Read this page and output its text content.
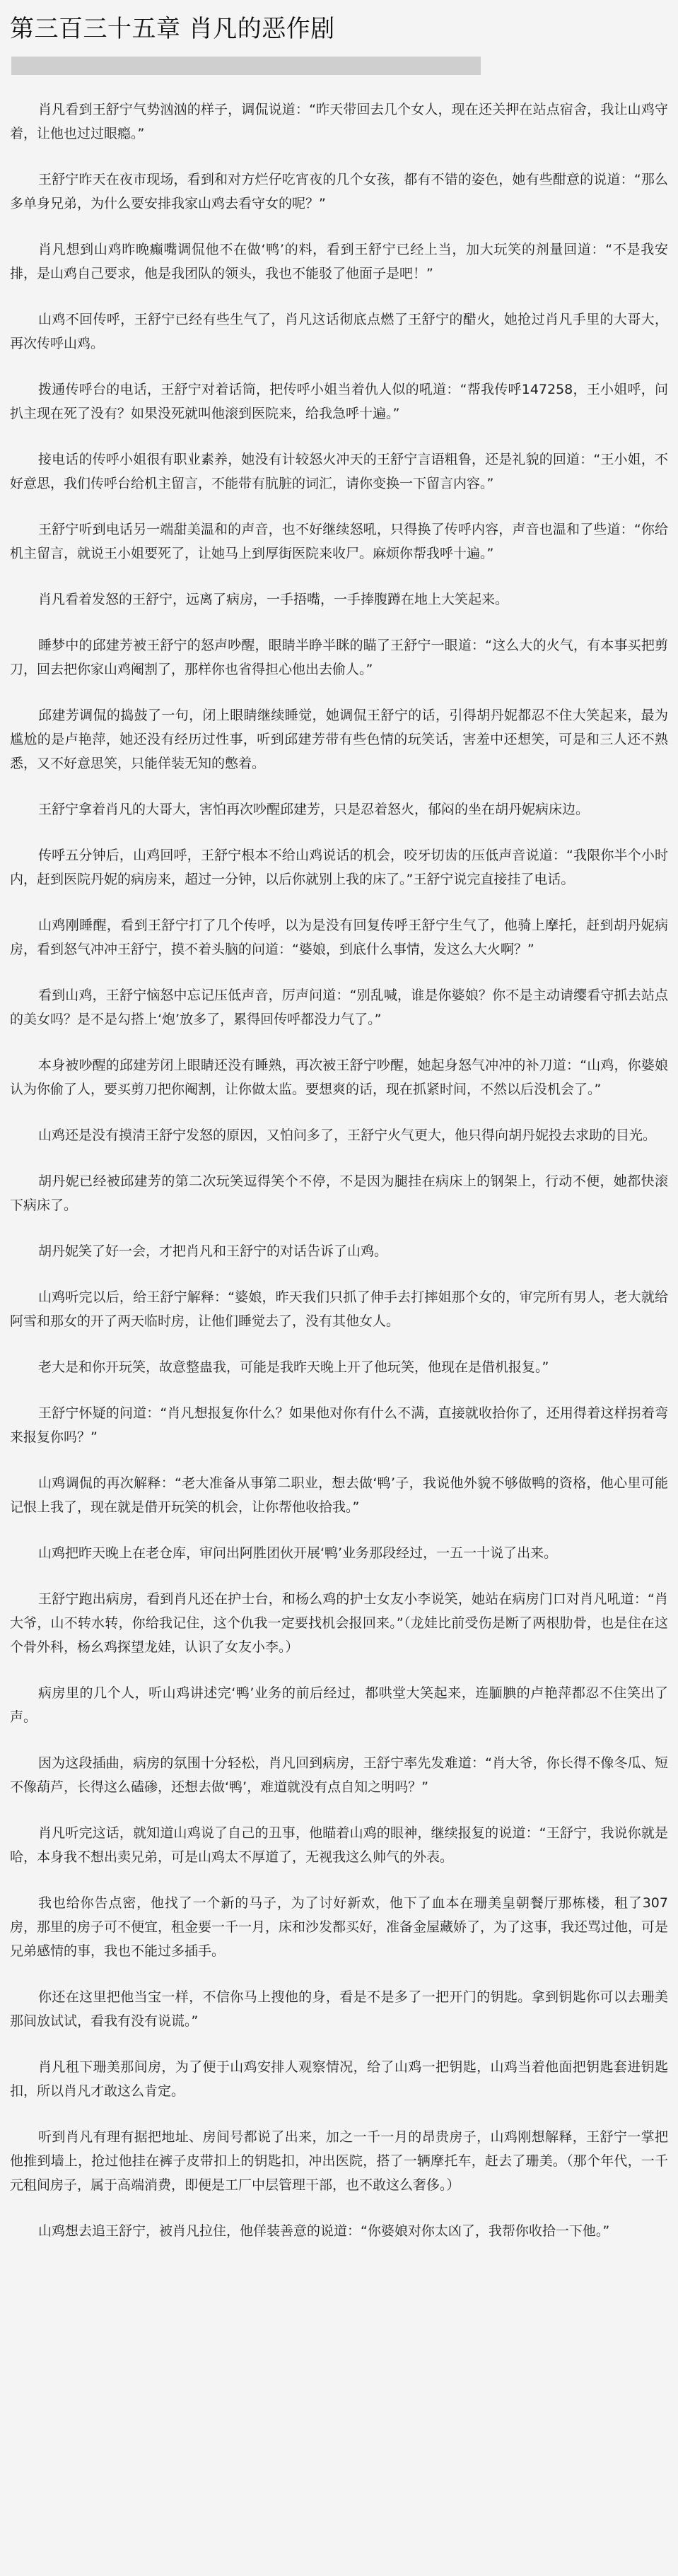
第三百三十五章 肖凡的恶作剧

肖凡看到王舒宁气势汹汹的样子，调侃说道：“昨天带回去几个女人，现在还关押在站点宿舍，我让山鸡守着，让他也过过眼瘾。”

王舒宁昨天在夜市现场，看到和对方烂仔吃宵夜的几个女孩，都有不错的姿色，她有些酣意的说道：“那么多单身兄弟，为什么要安排我家山鸡去看守女的呢？”

肖凡想到山鸡昨晚癫嘴调侃他不在做‘鸭’的料，看到王舒宁已经上当，加大玩笑的剂量回道：“不是我安排，是山鸡自己要求，他是我团队的领头，我也不能驳了他面子是吧！”

山鸡不回传呼，王舒宁已经有些生气了，肖凡这话彻底点燃了王舒宁的醋火，她抢过肖凡手里的大哥大，再次传呼山鸡。

拨通传呼台的电话，王舒宁对着话筒，把传呼小姐当着仇人似的吼道：“帮我传呼147258，王小姐呼，问扒主现在死了没有？如果没死就叫他滚到医院来，给我急呼十遍。”

接电话的传呼小姐很有职业素养，她没有计较怒火冲天的王舒宁言语粗鲁，还是礼貌的回道：“王小姐，不好意思，我们传呼台给机主留言，不能带有肮脏的词汇，请你变换一下留言内容。”

王舒宁听到电话另一端甜美温和的声音，也不好继续怒吼，只得换了传呼内容，声音也温和了些道：“你给机主留言，就说王小姐要死了，让她马上到厚街医院来收尸。麻烦你帮我呼十遍。”

肖凡看着发怒的王舒宁，远离了病房，一手捂嘴，一手捧腹蹲在地上大笑起来。

睡梦中的邱建芳被王舒宁的怒声吵醒，眼睛半睁半眯的瞄了王舒宁一眼道：“这么大的火气，有本事买把剪刀，回去把你家山鸡阉割了，那样你也省得担心他出去偷人。”

邱建芳调侃的捣鼓了一句，闭上眼睛继续睡觉，她调侃王舒宁的话，引得胡丹妮都忍不住大笑起来，最为尴尬的是卢艳萍，她还没有经历过性事，听到邱建芳带有些色情的玩笑话，害羞中还想笑，可是和三人还不熟悉，又不好意思笑，只能佯装无知的憋着。

王舒宁拿着肖凡的大哥大，害怕再次吵醒邱建芳，只是忍着怒火，郁闷的坐在胡丹妮病床边。

传呼五分钟后，山鸡回呼，王舒宁根本不给山鸡说话的机会，咬牙切齿的压低声音说道：“我限你半个小时内，赶到医院丹妮的病房来，超过一分钟，以后你就别上我的床了。”王舒宁说完直接挂了电话。

山鸡刚睡醒，看到王舒宁打了几个传呼，以为是没有回复传呼王舒宁生气了，他骑上摩托，赶到胡丹妮病房，看到怒气冲冲王舒宁，摸不着头脑的问道：“婆娘，到底什么事情，发这么大火啊？”

看到山鸡，王舒宁恼怒中忘记压低声音，厉声问道：“别乱喊，谁是你婆娘？你不是主动请缨看守抓去站点的美女吗？是不是勾搭上‘炮’放多了，累得回传呼都没力气了。”

本身被吵醒的邱建芳闭上眼睛还没有睡熟，再次被王舒宁吵醒，她起身怒气冲冲的补刀道：“山鸡，你婆娘认为你偷了人，要买剪刀把你阉割，让你做太监。要想爽的话，现在抓紧时间，不然以后没机会了。”

山鸡还是没有摸清王舒宁发怒的原因，又怕问多了，王舒宁火气更大，他只得向胡丹妮投去求助的目光。

胡丹妮已经被邱建芳的第二次玩笑逗得笑个不停，不是因为腿挂在病床上的钢架上，行动不便，她都快滚下病床了。

胡丹妮笑了好一会，才把肖凡和王舒宁的对话告诉了山鸡。

山鸡听完以后，给王舒宁解释：“婆娘，昨天我们只抓了伸手去打摔姐那个女的，审完所有男人，老大就给阿雪和那女的开了两天临时房，让他们睡觉去了，没有其他女人。

老大是和你开玩笑，故意整蛊我，可能是我昨天晚上开了他玩笑，他现在是借机报复。”

王舒宁怀疑的问道：“肖凡想报复你什么？如果他对你有什么不满，直接就收拾你了，还用得着这样拐着弯来报复你吗？”

山鸡调侃的再次解释：“老大准备从事第二职业，想去做‘鸭’子，我说他外貌不够做鸭的资格，他心里可能记恨上我了，现在就是借开玩笑的机会，让你帮他收拾我。”

山鸡把昨天晚上在老仓库，审问出阿胜团伙开展‘鸭’业务那段经过，一五一十说了出来。

王舒宁跑出病房，看到肖凡还在护士台，和杨么鸡的护士女友小李说笑，她站在病房门口对肖凡吼道：“肖大爷，山不转水转，你给我记住，这个仇我一定要找机会报回来。”（龙娃比前受伤是断了两根肋骨，也是住在这个骨外科，杨幺鸡探望龙娃，认识了女友小李。）

病房里的几个人，听山鸡讲述完‘鸭’业务的前后经过，都哄堂大笑起来，连腼腆的卢艳萍都忍不住笑出了声。

因为这段插曲，病房的氛围十分轻松，肖凡回到病房，王舒宁率先发难道：“肖大爷，你长得不像冬瓜、短不像葫芦，长得这么磕碜，还想去做‘鸭’，难道就没有点自知之明吗？”

肖凡听完这话，就知道山鸡说了自己的丑事，他瞄着山鸡的眼神，继续报复的说道：“王舒宁，我说你就是哈，本身我不想出卖兄弟，可是山鸡太不厚道了，无视我这么帅气的外表。

我也给你告点密，他找了一个新的马子，为了讨好新欢，他下了血本在珊美皇朝餐厅那栋楼，租了307房，那里的房子可不便宜，租金要一千一月，床和沙发都买好，准备金屋藏娇了，为了这事，我还骂过他，可是兄弟感情的事，我也不能过多插手。

你还在这里把他当宝一样，不信你马上搜他的身，看是不是多了一把开门的钥匙。拿到钥匙你可以去珊美那间放试试，看我有没有说谎。”

肖凡租下珊美那间房，为了便于山鸡安排人观察情况，给了山鸡一把钥匙，山鸡当着他面把钥匙套进钥匙扣，所以肖凡才敢这么肯定。

听到肖凡有理有据把地址、房间号都说了出来，加之一千一月的昂贵房子，山鸡刚想解释，王舒宁一掌把他推到墙上，抢过他挂在裤子皮带扣上的钥匙扣，冲出医院，搭了一辆摩托车，赶去了珊美。（那个年代，一千元租间房子，属于高端消费，即便是工厂中层管理干部，也不敢这么奢侈。）

山鸡想去追王舒宁，被肖凡拉住，他佯装善意的说道：“你婆娘对你太凶了，我帮你收拾一下他。”
